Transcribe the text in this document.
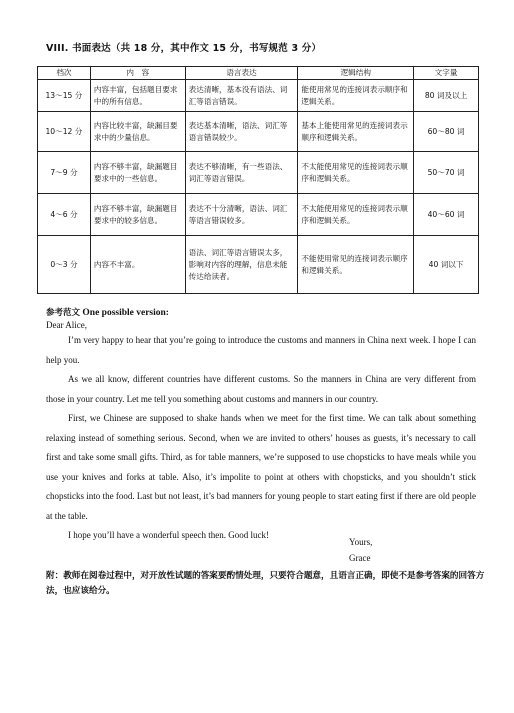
VIII. 书面表达（共 18 分，其中作文 15 分，书写规范 3 分）
档次	内　容	语言表达	逻辑结构	文字量
13～15 分	内容丰富，包括题目要求中的所有信息。	表达清晰，基本没有语法、词汇等语言错误。	能使用常见的连接词表示顺序和逻辑关系。	80 词及以上
10～12 分	内容比较丰富，缺漏目要求中的少量信息。	表达基本清晰，语法、词汇等语言错误较少。	基本上能使用常见的连接词表示顺序和逻辑关系。	60～80 词
7～9 分	内容不够丰富，缺漏题目要求中的一些信息。	表达不够清晰，有一些语法、词汇等语言错误。	不太能使用常见的连接词表示顺序和逻辑关系。	50～70 词
4～6 分	内容不够丰富，缺漏题目要求中的较多信息。	表达不十分清晰，语法、词汇等语言错误较多。	不太能使用常见的连接词表示顺序和逻辑关系。	40～60 词
0～3 分	内容不丰富。	语法、词汇等语言错误太多，影响对内容的理解，信息未能传达给读者。	不能使用常见的连接词表示顺序和逻辑关系。	40 词以下
参考范文 One possible version:
Dear Alice,

I’m very happy to hear that you’re going to introduce the customs and manners in China next week. I hope I can help you.

As we all know, different countries have different customs. So the manners in China are very different from those in your country. Let me tell you something about customs and manners in our country.

First, we Chinese are supposed to shake hands when we meet for the first time. We can talk about something relaxing instead of something serious. Second, when we are invited to others’ houses as guests, it’s necessary to call first and take some small gifts. Third, as for table manners, we’re supposed to use chopsticks to have meals while you use your knives and forks at table. Also, it’s impolite to point at others with chopsticks, and you shouldn’t stick chopsticks into the food. Last but not least, it’s bad manners for young people to start eating first if there are old people at the table.

I hope you’ll have a wonderful speech then. Good luck!

Yours,
Grace
附：教师在阅卷过程中，对开放性试题的答案要酌情处理，只要符合题意，且语言正确，即使不是参考答案的回答方法，也应该给分。
